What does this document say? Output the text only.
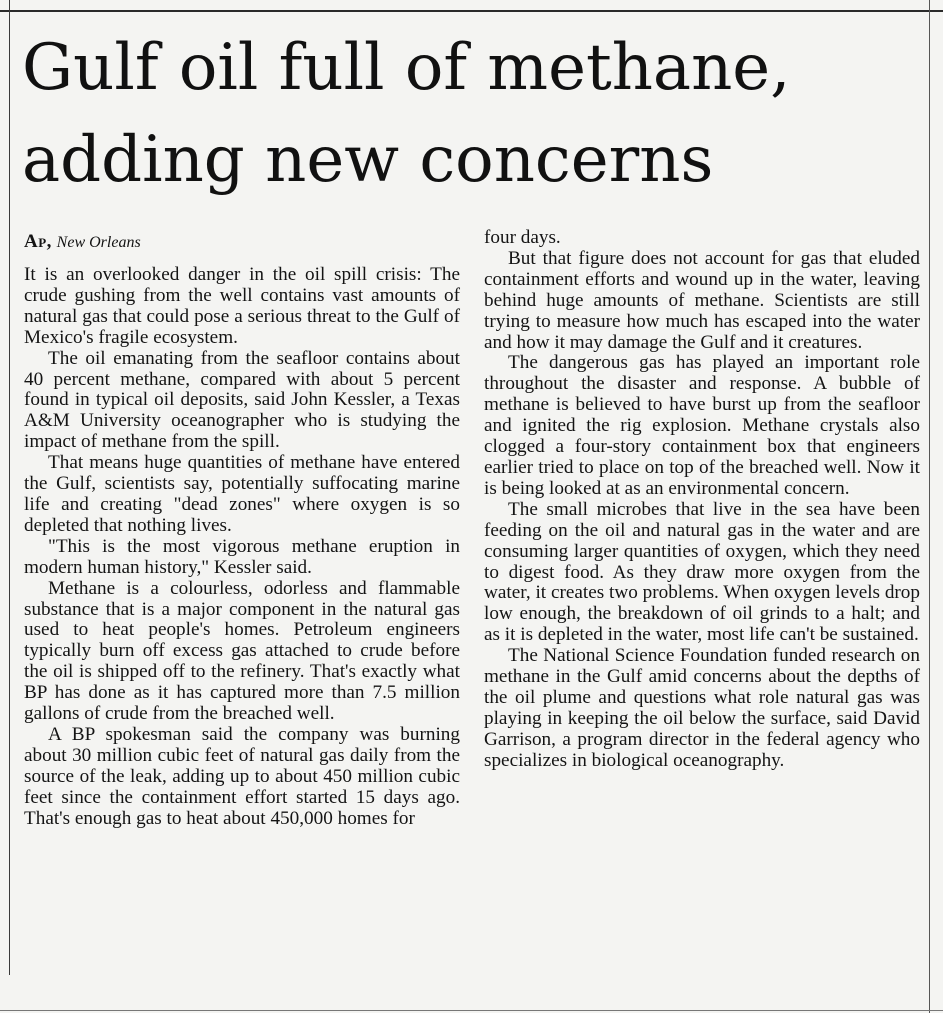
Gulf oil full of methane,
adding new concerns
Ap, New Orleans

It is an overlooked danger in the oil spill crisis: The crude gushing from the well contains vast amounts of natural gas that could pose a serious threat to the Gulf of Mexico's fragile ecosystem.

The oil emanating from the seafloor contains about 40 percent methane, compared with about 5 percent found in typical oil deposits, said John Kessler, a Texas A&M University oceanographer who is studying the impact of methane from the spill.

That means huge quantities of methane have entered the Gulf, scientists say, potentially suffocating marine life and creating "dead zones" where oxygen is so depleted that nothing lives.

"This is the most vigorous methane eruption in modern human history," Kessler said.

Methane is a colourless, odorless and flammable substance that is a major component in the natural gas used to heat people's homes. Petroleum engineers typically burn off excess gas attached to crude before the oil is shipped off to the refinery. That's exactly what BP has done as it has captured more than 7.5 million gallons of crude from the breached well.

A BP spokesman said the company was burning about 30 million cubic feet of natural gas daily from the source of the leak, adding up to about 450 million cubic feet since the containment effort started 15 days ago. That's enough gas to heat about 450,000 homes for

four days.

But that figure does not account for gas that eluded containment efforts and wound up in the water, leaving behind huge amounts of methane. Scientists are still trying to measure how much has escaped into the water and how it may damage the Gulf and it creatures.

The dangerous gas has played an important role throughout the disaster and response. A bubble of methane is believed to have burst up from the seafloor and ignited the rig explosion. Methane crystals also clogged a four-story containment box that engineers earlier tried to place on top of the breached well. Now it is being looked at as an environmental concern.

The small microbes that live in the sea have been feeding on the oil and natural gas in the water and are consuming larger quantities of oxygen, which they need to digest food. As they draw more oxygen from the water, it creates two problems. When oxygen levels drop low enough, the breakdown of oil grinds to a halt; and as it is depleted in the water, most life can't be sustained.

The National Science Foundation funded research on methane in the Gulf amid concerns about the depths of the oil plume and questions what role natural gas was playing in keeping the oil below the surface, said David Garrison, a program director in the federal agency who specializes in biological oceanography.
